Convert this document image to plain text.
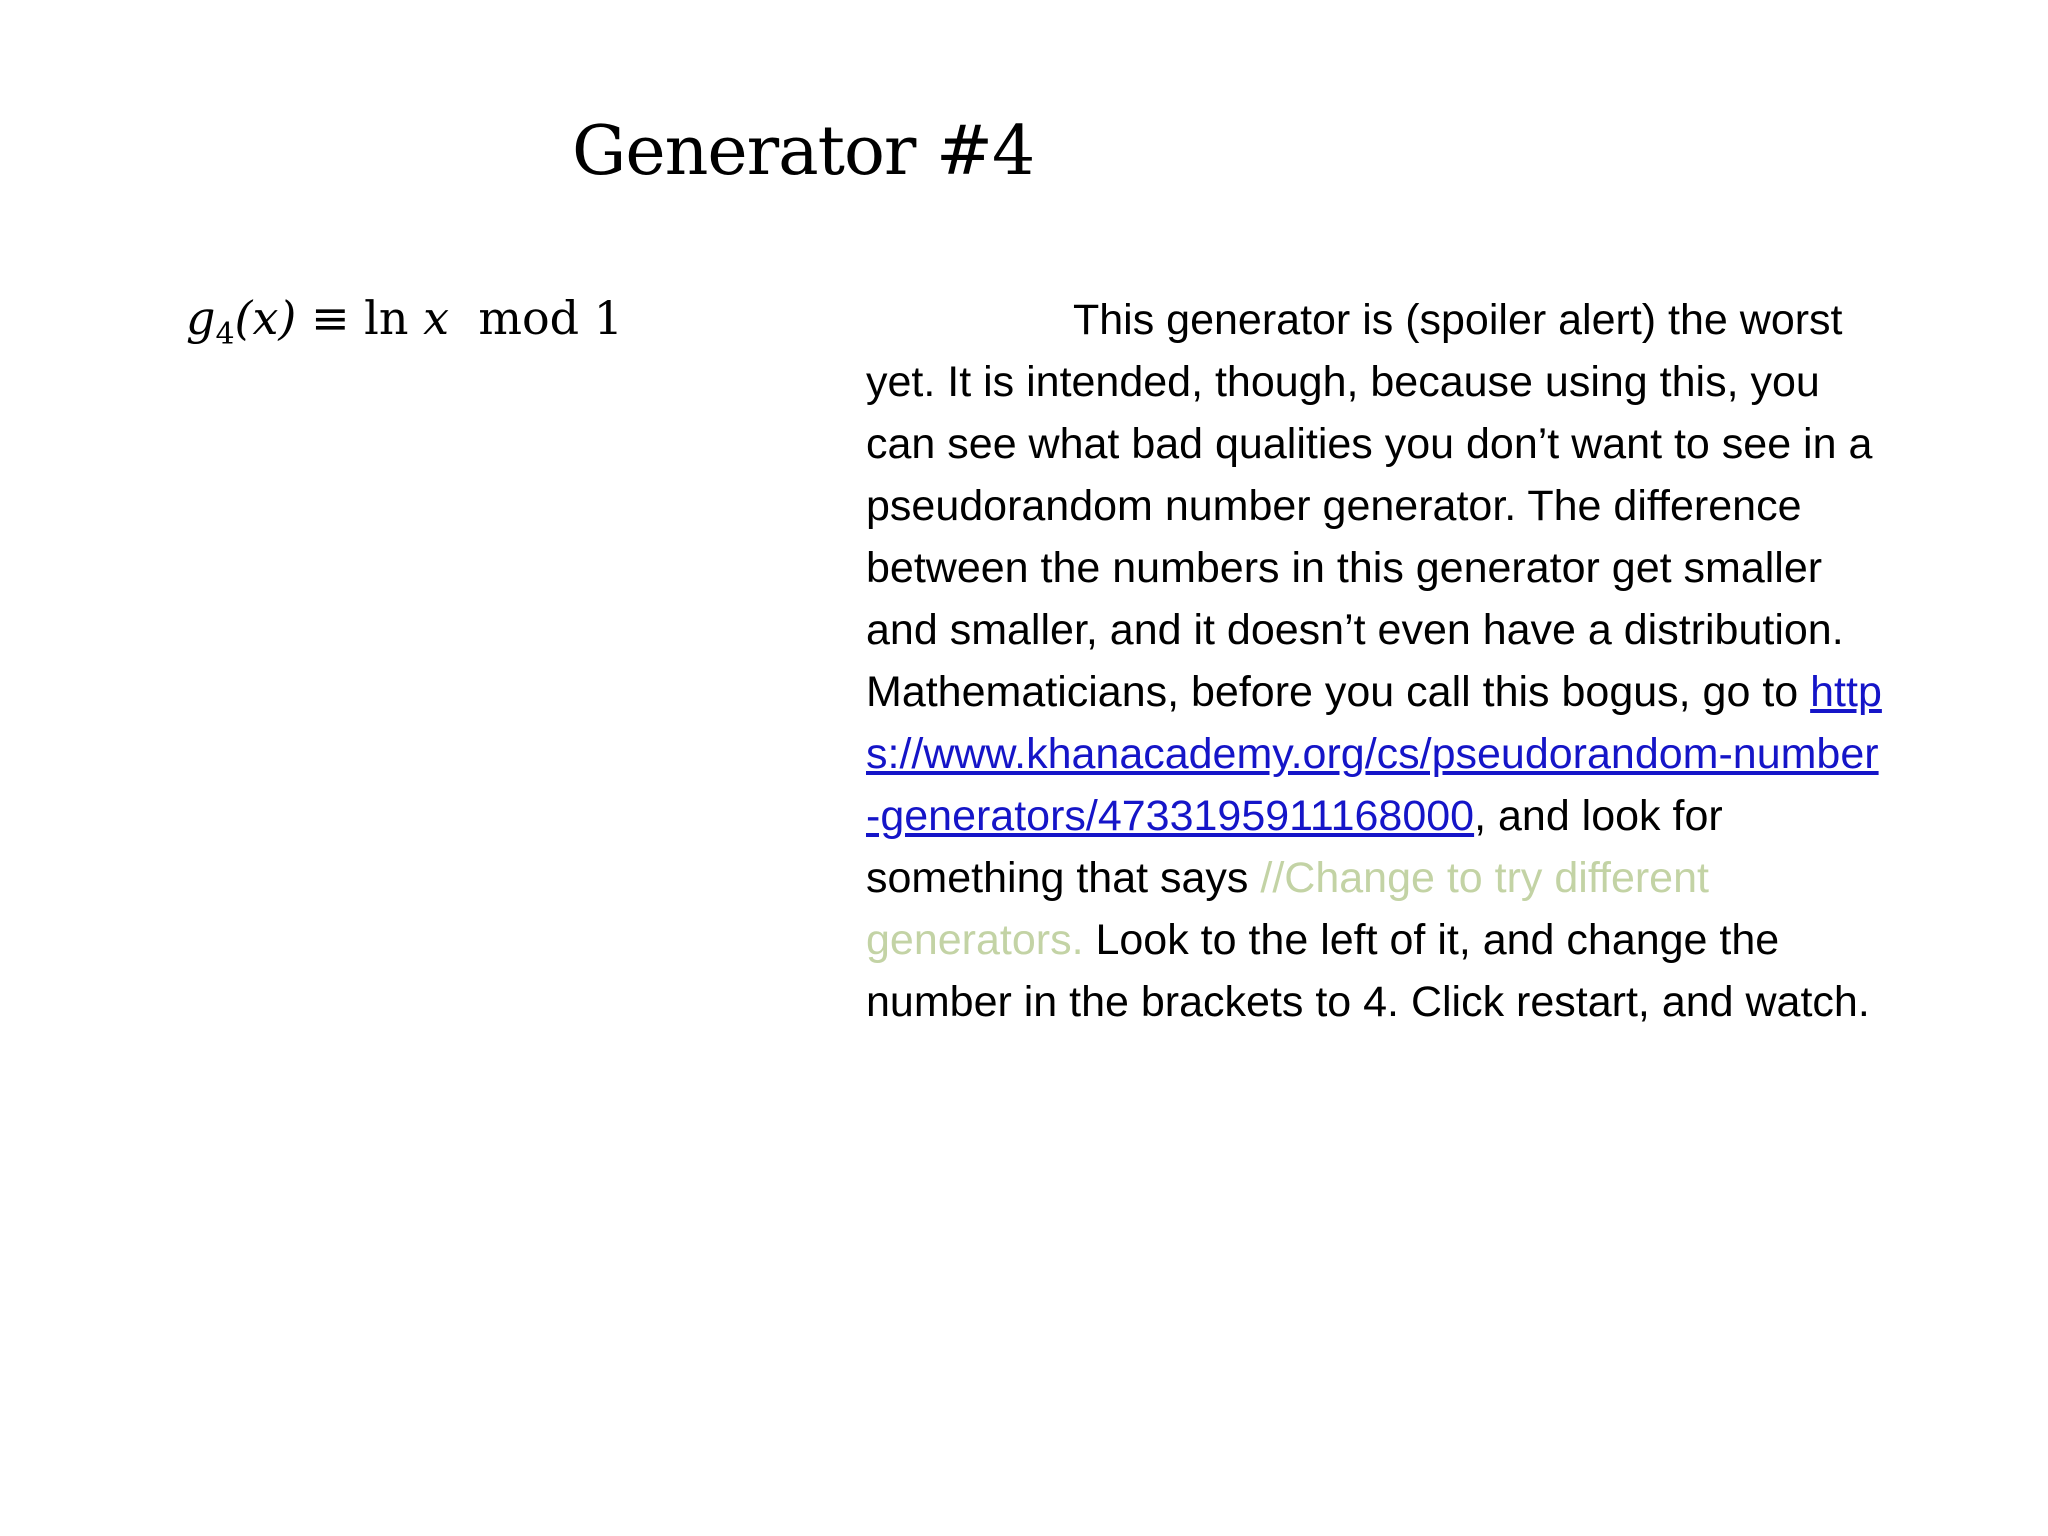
Generator #4
$g_4(x) \equiv \ln x$  mod 1	This generator is (spoiler alert) the worst yet. It is intended, though, because using this, you can see what bad qualities you don’t want to see in a pseudorandom number generator. The difference between the numbers in this generator get smaller and smaller, and it doesn’t even have a distribution. Mathematicians, before you call this bogus, go to https://www.khanacademy.org/cs/pseudorandom-number-generators/4733195911168000, and look for something that says //Change to try different generators. Look to the left of it, and change the number in the brackets to 4. Click restart, and watch.
